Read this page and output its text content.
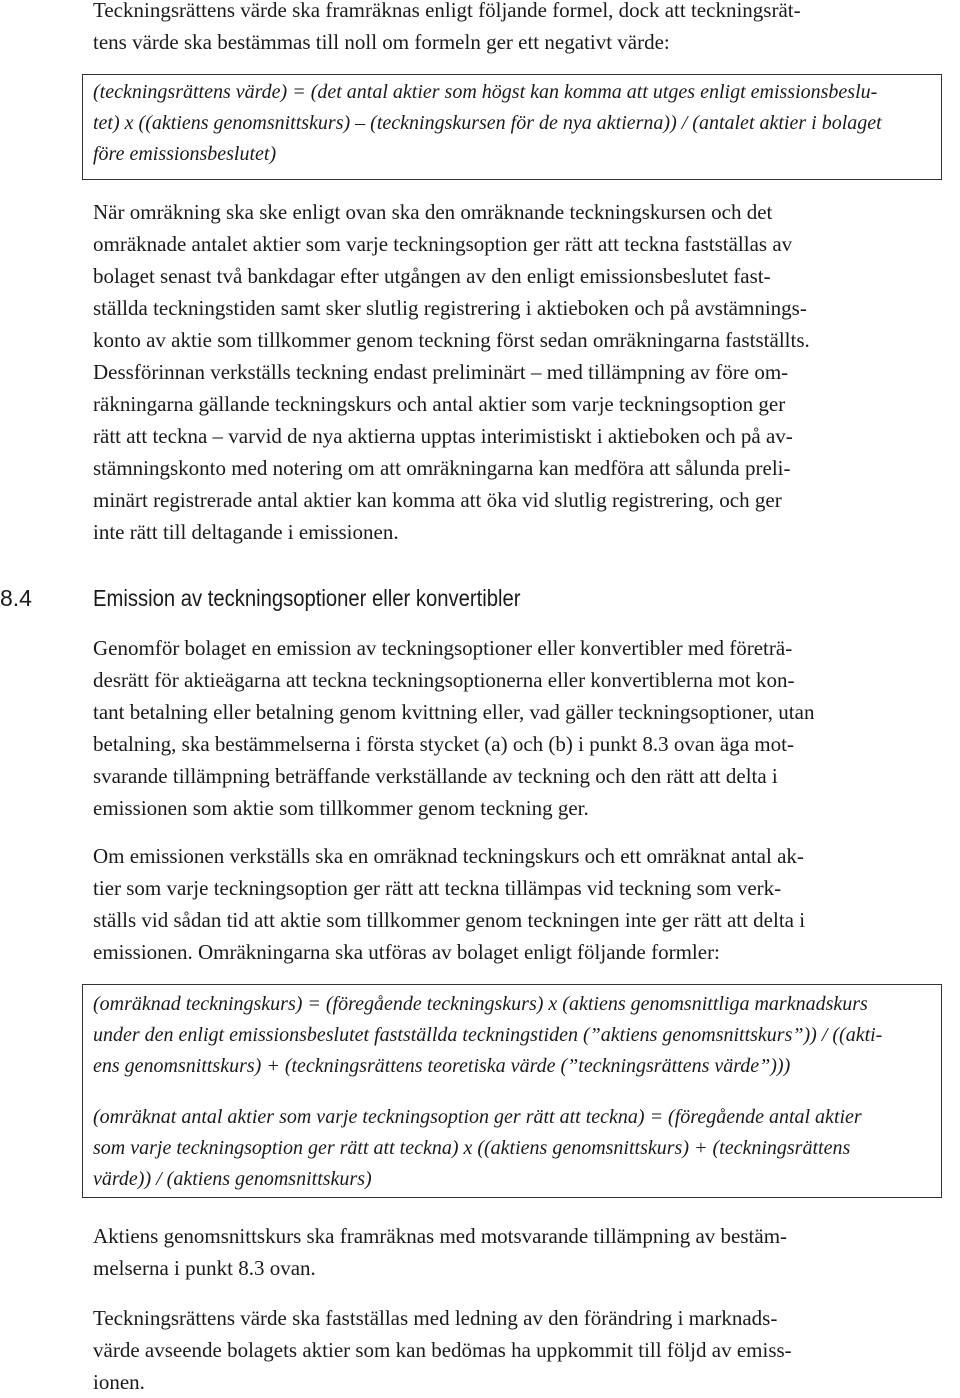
Teckningsrättens värde ska framräknas enligt följande formel, dock att teckningsrät-
tens värde ska bestämmas till noll om formeln ger ett negativt värde:

(teckningsrättens värde) = (det antal aktier som högst kan komma att utges enligt emissionsbeslu-
tet) x ((aktiens genomsnittskurs) – (teckningskursen för de nya aktierna)) / (antalet aktier i bolaget
före emissionsbeslutet)

När omräkning ska ske enligt ovan ska den omräknande teckningskursen och det
omräknade antalet aktier som varje teckningsoption ger rätt att teckna fastställas av
bolaget senast två bankdagar efter utgången av den enligt emissionsbeslutet fast-
ställda teckningstiden samt sker slutlig registrering i aktieboken och på avstämnings-
konto av aktie som tillkommer genom teckning först sedan omräkningarna fastställts.
Dessförinnan verkställs teckning endast preliminärt – med tillämpning av före om-
räkningarna gällande teckningskurs och antal aktier som varje teckningsoption ger
rätt att teckna – varvid de nya aktierna upptas interimistiskt i aktieboken och på av-
stämningskonto med notering om att omräkningarna kan medföra att sålunda preli-
minärt registrerade antal aktier kan komma att öka vid slutlig registrering, och ger
inte rätt till deltagande i emissionen.

8.4	Emission av teckningsoptioner eller konvertibler

Genomför bolaget en emission av teckningsoptioner eller konvertibler med företrä-
desrätt för aktieägarna att teckna teckningsoptionerna eller konvertiblerna mot kon-
tant betalning eller betalning genom kvittning eller, vad gäller teckningsoptioner, utan
betalning, ska bestämmelserna i första stycket (a) och (b) i punkt 8.3 ovan äga mot-
svarande tillämpning beträffande verkställande av teckning och den rätt att delta i
emissionen som aktie som tillkommer genom teckning ger.

Om emissionen verkställs ska en omräknad teckningskurs och ett omräknat antal ak-
tier som varje teckningsoption ger rätt att teckna tillämpas vid teckning som verk-
ställs vid sådan tid att aktie som tillkommer genom teckningen inte ger rätt att delta i
emissionen. Omräkningarna ska utföras av bolaget enligt följande formler:

(omräknad teckningskurs) = (föregående teckningskurs) x (aktiens genomsnittliga marknadskurs
under den enligt emissionsbeslutet fastställda teckningstiden (”aktiens genomsnittskurs”)) / ((akti-
ens genomsnittskurs) + (teckningsrättens teoretiska värde (”teckningsrättens värde”)))

(omräknat antal aktier som varje teckningsoption ger rätt att teckna) = (föregående antal aktier
som varje teckningsoption ger rätt att teckna) x ((aktiens genomsnittskurs) + (teckningsrättens
värde)) / (aktiens genomsnittskurs)

Aktiens genomsnittskurs ska framräknas med motsvarande tillämpning av bestäm-
melserna i punkt 8.3 ovan.

Teckningsrättens värde ska fastställas med ledning av den förändring i marknads-
värde avseende bolagets aktier som kan bedömas ha uppkommit till följd av emiss-
ionen.
